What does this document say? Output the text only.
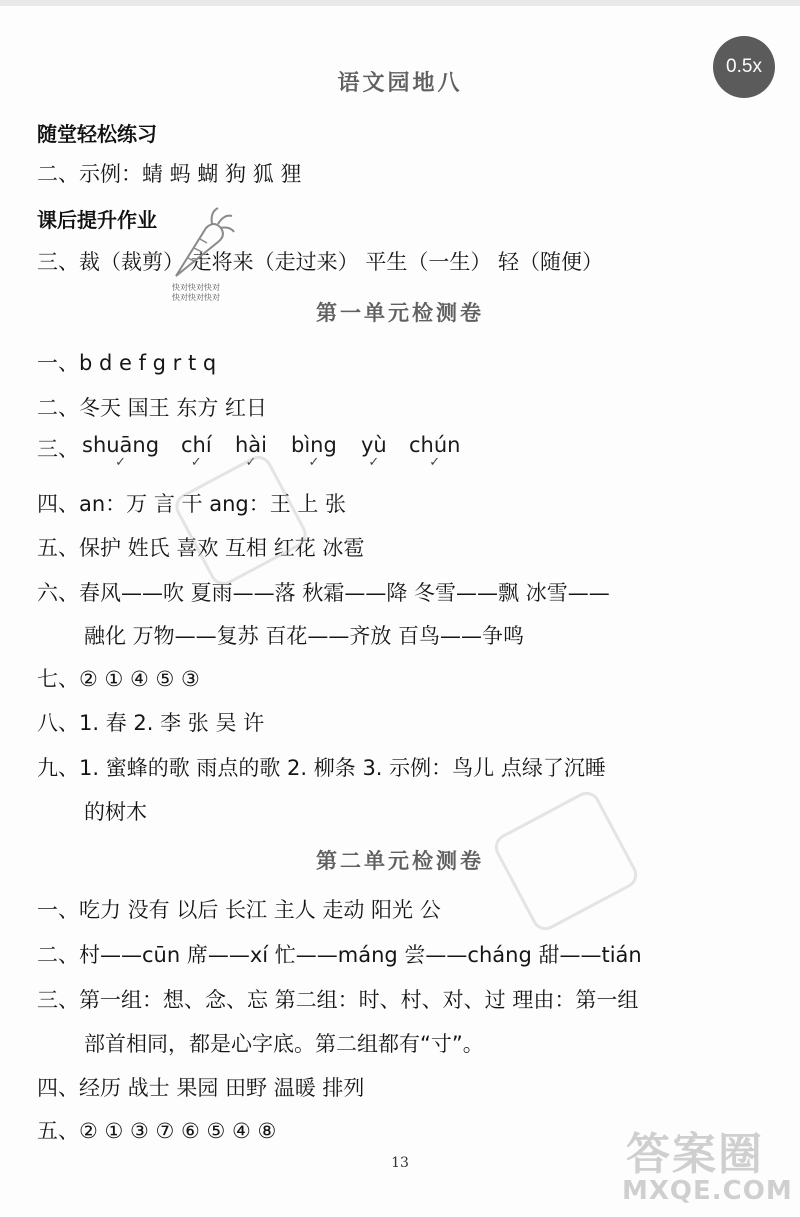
0.5x
语文园地八
随堂轻松练习
二、示例：蜻 蚂 蝴 狗 狐 狸
课后提升作业
三、裁（裁剪） 走将来（走过来） 平生（一生） 轻（随便）
快对快对快对
快对快对快对
第一单元检测卷
一、b d e f g r t q
二、冬天 国王 东方 红日
三、 shuāng
✓
chí
✓
hài
✓
bìng
✓
yù
✓
chún
✓
四、an：万 言 干 ang：王 上 张
五、保护 姓氏 喜欢 互相 红花 冰雹
六、春风——吹 夏雨——落 秋霜——降 冬雪——飘 冰雪——
融化 万物——复苏 百花——齐放 百鸟——争鸣
七、② ① ④ ⑤ ③
八、1. 春 2. 李 张 吴 许
九、1. 蜜蜂的歌 雨点的歌 2. 柳条 3. 示例：鸟儿 点绿了沉睡
的树木
第二单元检测卷
一、吃力 没有 以后 长江 主人 走动 阳光 公
二、村——cūn 席——xí 忙——máng 尝——cháng 甜——tián
三、第一组：想、念、忘 第二组：时、村、对、过 理由：第一组
部首相同，都是心字底。第二组都有“寸”。
四、经历 战士 果园 田野 温暖 排列
五、② ① ③ ⑦ ⑥ ⑤ ④ ⑧
13	答案圈
MXQE.COM
